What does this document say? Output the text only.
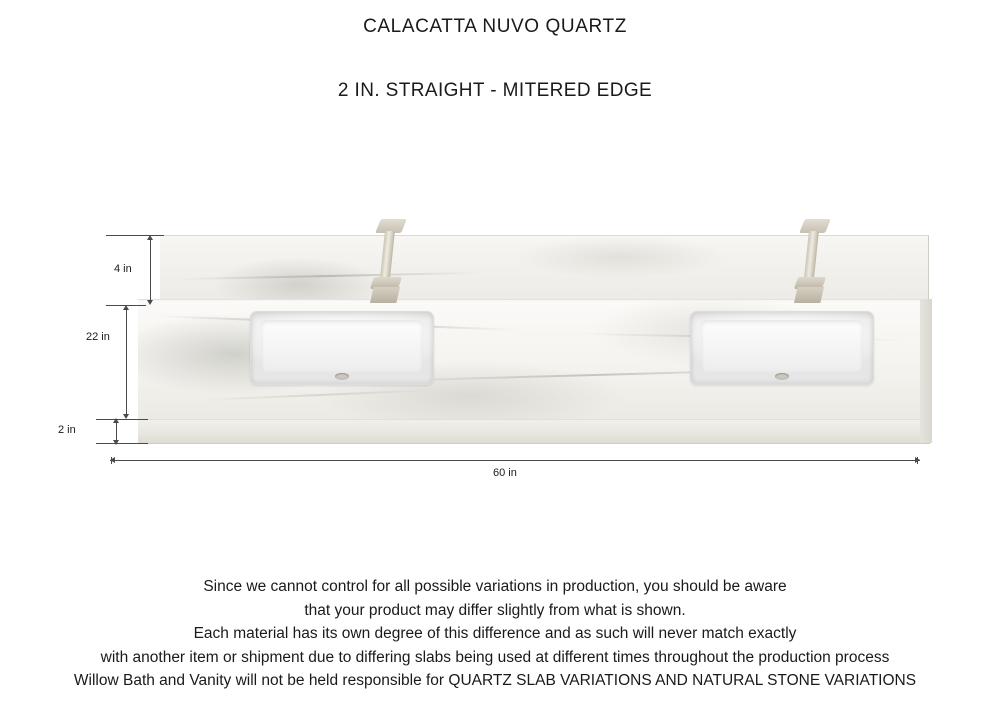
CALACATTA NUVO QUARTZ

2 IN. STRAIGHT - MITERED EDGE

4 in
22 in
2 in
60 in
Since we cannot control for all possible variations in production, you should be aware
that your product may differ slightly from what is shown.
Each material has its own degree of this difference and as such will never match exactly
with another item or shipment due to differing slabs being used at different times throughout the production process
Willow Bath and Vanity will not be held responsible for QUARTZ SLAB VARIATIONS AND NATURAL STONE VARIATIONS
